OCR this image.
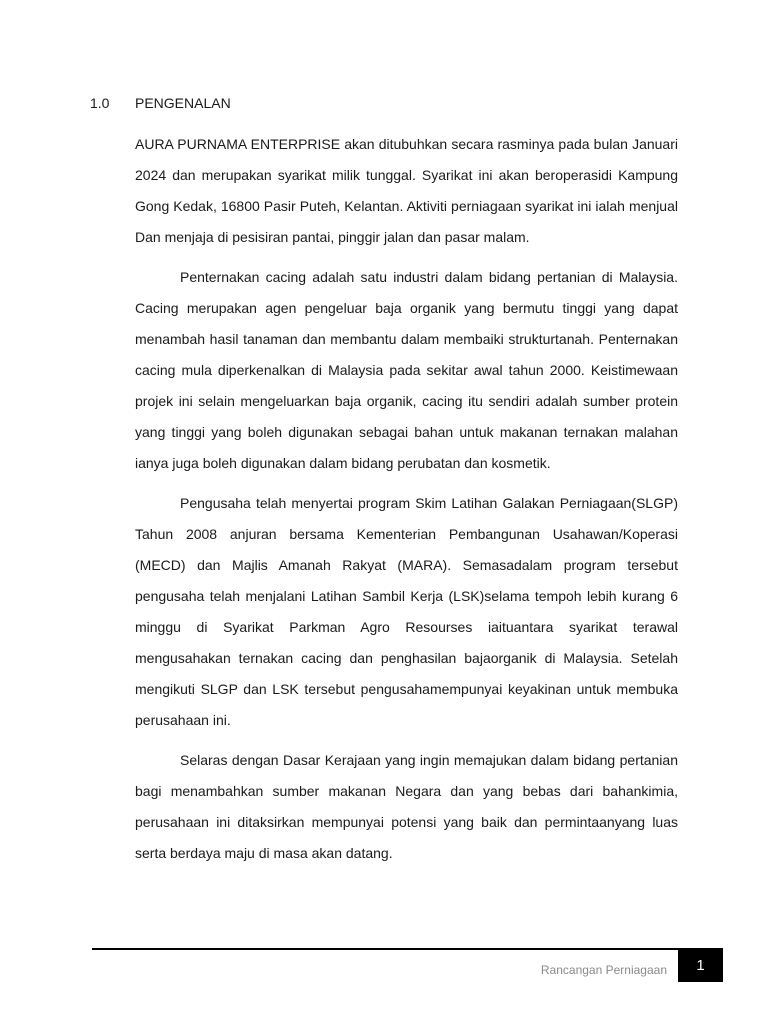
1.0	PENGENALAN

AURA PURNAMA ENTERPRISE akan ditubuhkan secara rasminya pada bulan Januari 2024 dan merupakan syarikat milik tunggal. Syarikat ini akan beroperasidi Kampung Gong Kedak, 16800 Pasir Puteh, Kelantan. Aktiviti perniagaan syarikat ini ialah menjual Dan menjaja di pesisiran pantai, pinggir jalan dan pasar malam.

Penternakan cacing adalah satu industri dalam bidang pertanian di Malaysia. Cacing merupakan agen pengeluar baja organik yang bermutu tinggi yang dapat menambah hasil tanaman dan membantu dalam membaiki strukturtanah. Penternakan cacing mula diperkenalkan di Malaysia pada sekitar awal tahun 2000. Keistimewaan projek ini selain mengeluarkan baja organik, cacing itu sendiri adalah sumber protein yang tinggi yang boleh digunakan sebagai bahan untuk makanan ternakan malahan ianya juga boleh digunakan dalam bidang perubatan dan kosmetik.

Pengusaha telah menyertai program Skim Latihan Galakan Perniagaan(SLGP) Tahun 2008 anjuran bersama Kementerian Pembangunan Usahawan/Koperasi (MECD) dan Majlis Amanah Rakyat (MARA). Semasadalam program tersebut pengusaha telah menjalani Latihan Sambil Kerja (LSK)selama tempoh lebih kurang 6 minggu di Syarikat Parkman Agro Resourses iaituantara syarikat terawal mengusahakan ternakan cacing dan penghasilan bajaorganik di Malaysia. Setelah mengikuti SLGP dan LSK tersebut pengusahamempunyai keyakinan untuk membuka perusahaan ini.

Selaras dengan Dasar Kerajaan yang ingin memajukan dalam bidang pertanian bagi menambahkan sumber makanan Negara dan yang bebas dari bahankimia, perusahaan ini ditaksirkan mempunyai potensi yang baik dan permintaanyang luas serta berdaya maju di masa akan datang.

Rancangan Perniagaan	1
